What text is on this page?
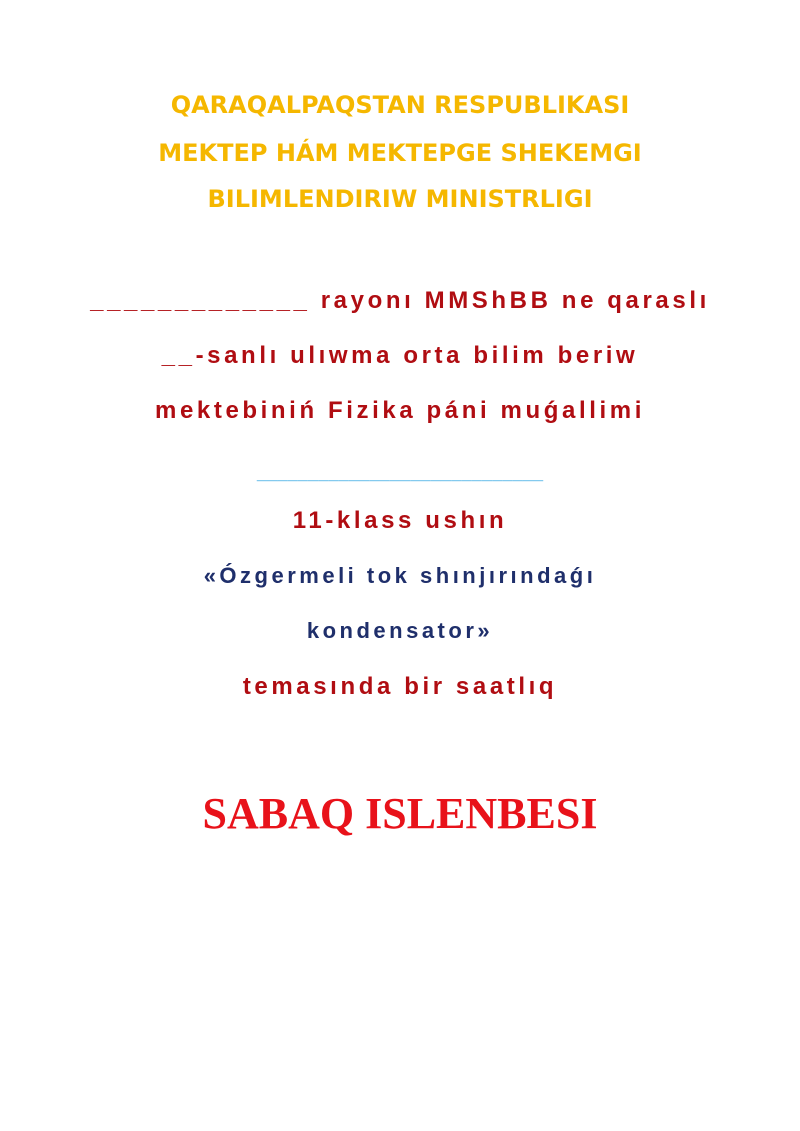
QARAQALPAQSTAN RESPUBLIKASI
MEKTEP HÁM MEKTEPGE SHEKEMGI
BILIMLENDIRIW MINISTRLIGI
_____________ rayonı MMShBB ne qaraslı
__-sanlı ulıwma orta bilim beriw
mektebiniń Fizika páni muǵallimi
____________________________
11-klass ushın
«Ózgermeli tok shınjırındaǵı
kondensator»
temasında bir saatlıq
SABAQ ISLENBESI
